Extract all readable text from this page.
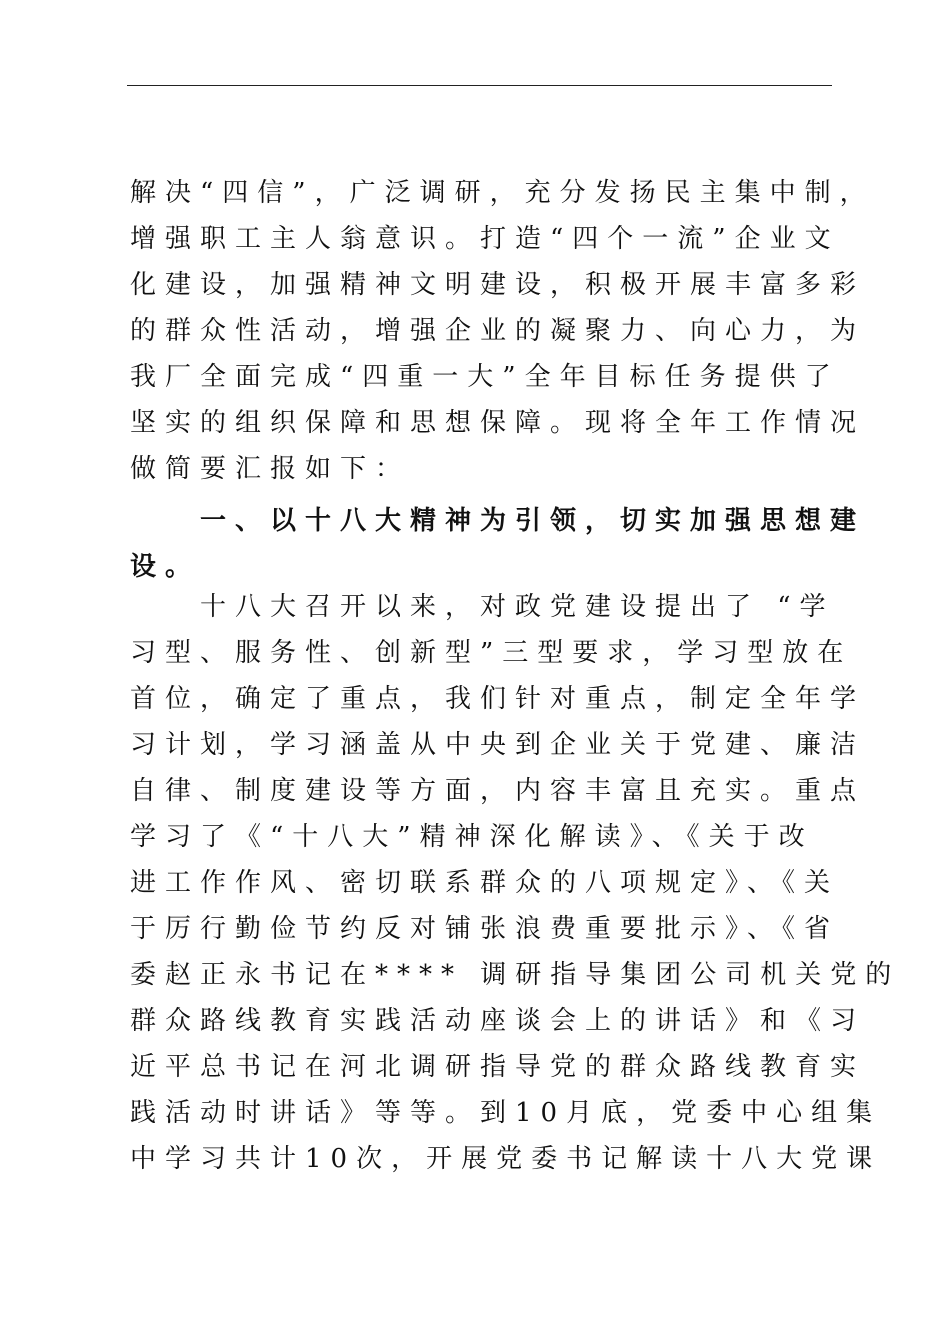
解决“四信”，广泛调研，充分发扬民主集中制，
增强职工主人翁意识。打造“四个一流”企业文
化建设，加强精神文明建设，积极开展丰富多彩
的群众性活动，增强企业的凝聚力、向心力，为
我厂全面完成“四重一大”全年目标任务提供了
坚实的组织保障和思想保障。现将全年工作情况
做简要汇报如下：
一、以十八大精神为引领，切实加强思想建
设。
十八大召开以来，对政党建设提出了 “学
习型、服务性、创新型”三型要求，学习型放在
首位，确定了重点，我们针对重点，制定全年学
习计划，学习涵盖从中央到企业关于党建、廉洁
自律、制度建设等方面，内容丰富且充实。重点
学习了《“十八大”精神深化解读》、《关于改
进工作作风、密切联系群众的八项规定》、《关
于厉行勤俭节约反对铺张浪费重要批示》、《省
委赵正永书记在**** 调研指导集团公司机关党的
群众路线教育实践活动座谈会上的讲话》和《习
近平总书记在河北调研指导党的群众路线教育实
践活动时讲话》等等。到10月底，党委中心组集
中学习共计10次，开展党委书记解读十八大党课
